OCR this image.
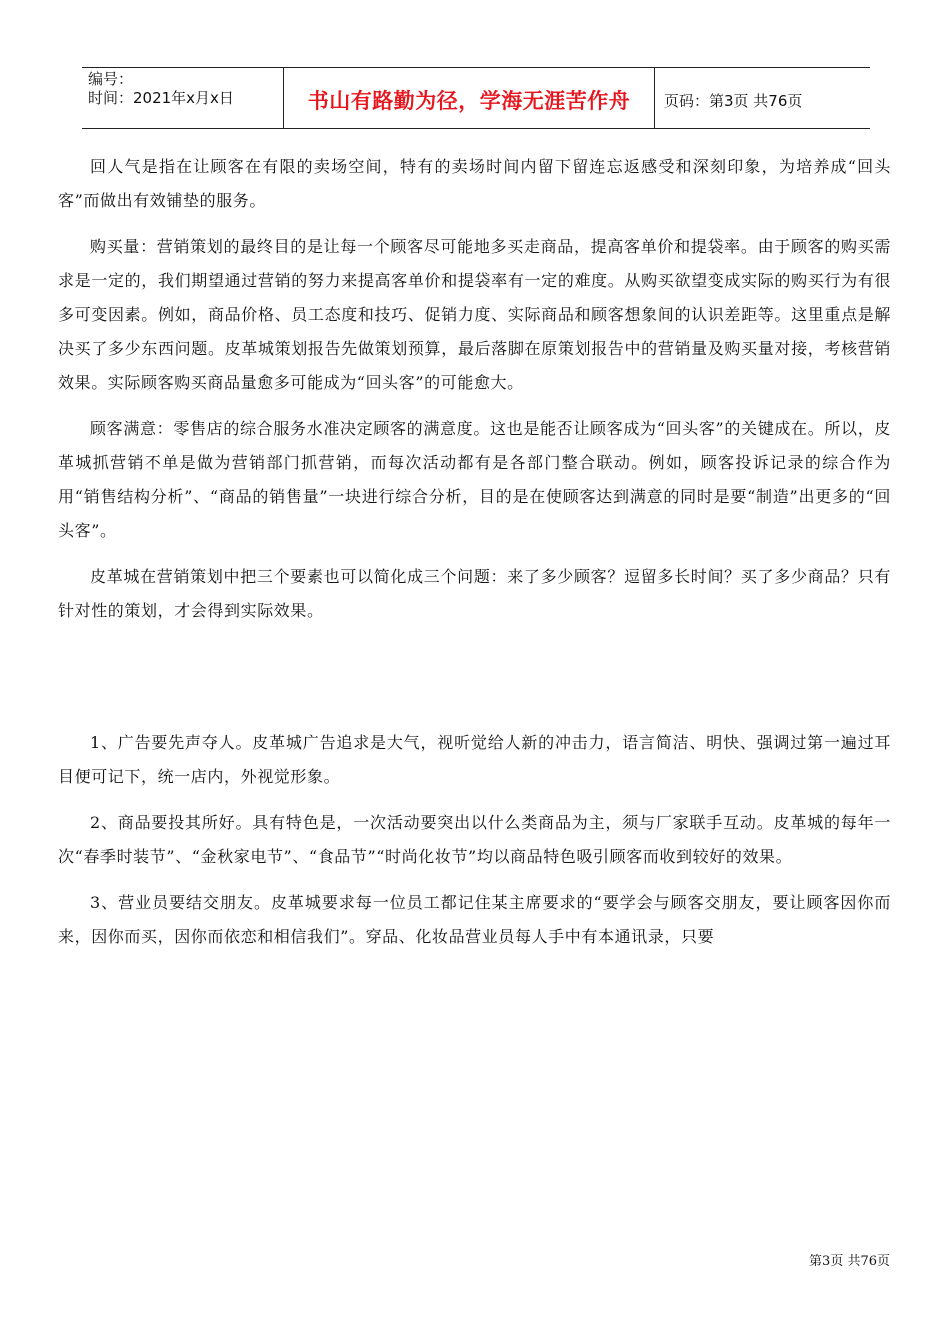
编号：
时间：2021年x月x日	书山有路勤为径，学海无涯苦作舟	页码：第3页 共76页

回人气是指在让顾客在有限的卖场空间，特有的卖场时间内留下留连忘返感受和深刻印象，为培养成“回头客”而做出有效铺垫的服务。

购买量：营销策划的最终目的是让每一个顾客尽可能地多买走商品，提高客单价和提袋率。由于顾客的购买需求是一定的，我们期望通过营销的努力来提高客单价和提袋率有一定的难度。从购买欲望变成实际的购买行为有很多可变因素。例如，商品价格、员工态度和技巧、促销力度、实际商品和顾客想象间的认识差距等。这里重点是解决买了多少东西问题。皮革城策划报告先做策划预算，最后落脚在原策划报告中的营销量及购买量对接，考核营销效果。实际顾客购买商品量愈多可能成为“回头客”的可能愈大。

顾客满意：零售店的综合服务水准决定顾客的满意度。这也是能否让顾客成为“回头客”的关键成在。所以，皮革城抓营销不单是做为营销部门抓营销，而每次活动都有是各部门整合联动。例如，顾客投诉记录的综合作为用“销售结构分析”、“商品的销售量”一块进行综合分析，目的是在使顾客达到满意的同时是要“制造”出更多的“回头客”。

皮革城在营销策划中把三个要素也可以简化成三个问题：来了多少顾客？逗留多长时间？买了多少商品？只有针对性的策划，才会得到实际效果。

1、广告要先声夺人。皮革城广告追求是大气，视听觉给人新的冲击力，语言简洁、明快、强调过第一遍过耳目便可记下，统一店内，外视觉形象。

2、商品要投其所好。具有特色是，一次活动要突出以什么类商品为主，须与厂家联手互动。皮革城的每年一次“春季时装节”、“金秋家电节”、“食品节”“时尚化妆节”均以商品特色吸引顾客而收到较好的效果。

3、营业员要结交朋友。皮革城要求每一位员工都记住某主席要求的“要学会与顾客交朋友，要让顾客因你而来，因你而买，因你而依恋和相信我们”。穿品、化妆品营业员每人手中有本通讯录，只要

第3页 共76页
